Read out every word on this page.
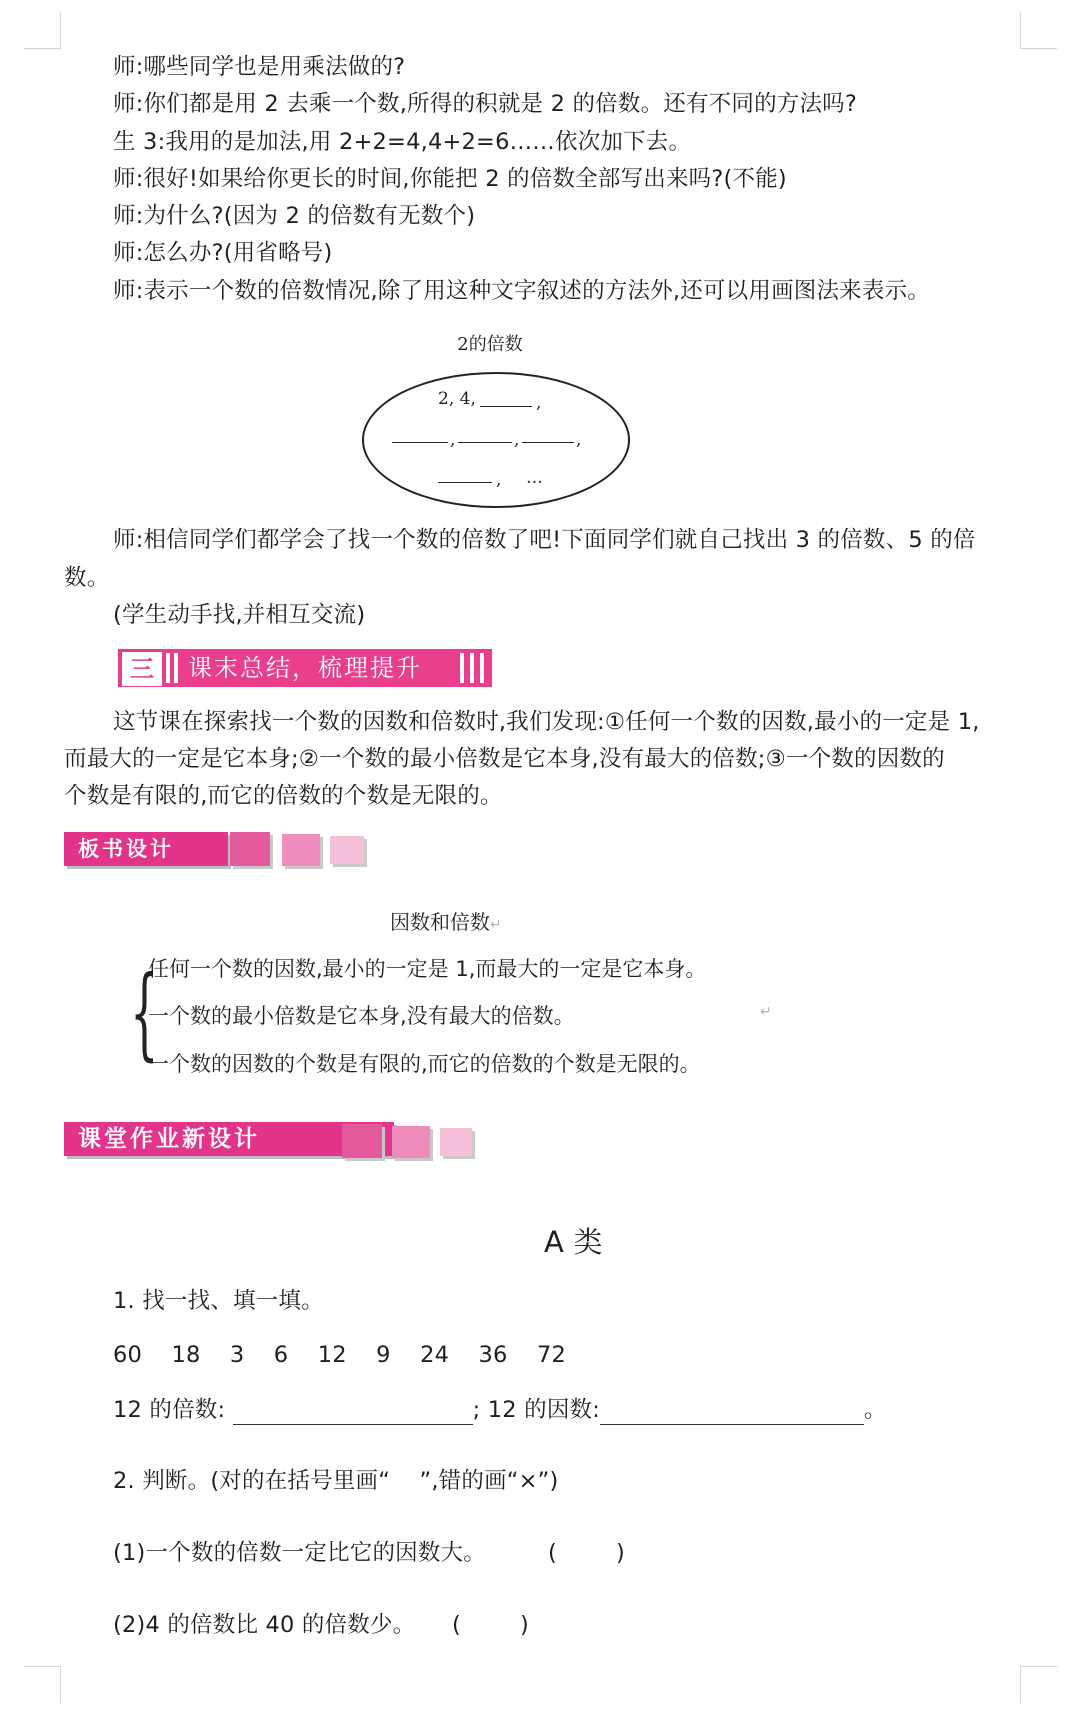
师:哪些同学也是用乘法做的?
师:你们都是用 2 去乘一个数,所得的积就是 2 的倍数。还有不同的方法吗?
生 3:我用的是加法,用 2+2=4,4+2=6……依次加下去。
师:很好!如果给你更长的时间,你能把 2 的倍数全部写出来吗?(不能)
师:为什么?(因为 2 的倍数有无数个)
师:怎么办?(用省略号)
师:表示一个数的倍数情况,除了用这种文字叙述的方法外,还可以用画图法来表示。
2的倍数
2, 4,	,
,	,	,
, …
师:相信同学们都学会了找一个数的倍数了吧!下面同学们就自己找出 3 的倍数、5 的倍
数。
(学生动手找,并相互交流)
三	课末总结，梳理提升
这节课在探索找一个数的因数和倍数时,我们发现:①任何一个数的因数,最小的一定是 1,
而最大的一定是它本身;②一个数的最小倍数是它本身,没有最大的倍数;③一个数的因数的
个数是有限的,而它的倍数的个数是无限的。
板书设计
因数和倍数↵
{
任何一个数的因数,最小的一定是 1,而最大的一定是它本身。
一个数的最小倍数是它本身,没有最大的倍数。	↵
一个数的因数的个数是有限的,而它的倍数的个数是无限的。
课堂作业新设计
A 类
1. 找一找、填一填。
60    18    3    6    12    9    24    36    72
12 的倍数:	; 12 的因数:	。
2. 判断。(对的在括号里画“    ”,错的画“×”)
(1)一个数的倍数一定比它的因数大。	(	)
(2)4 的倍数比 40 的倍数少。 (	)
